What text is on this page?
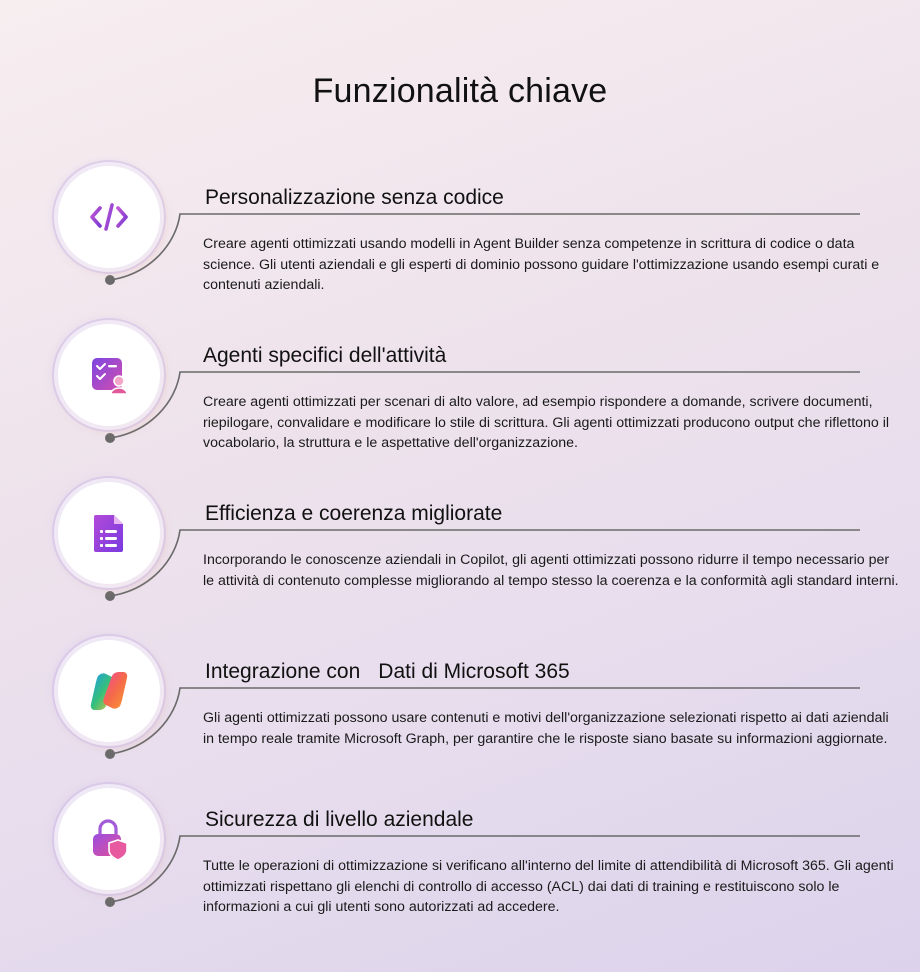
Funzionalità chiave
Personalizzazione senza codice
Creare agenti ottimizzati usando modelli in Agent Builder senza competenze in scrittura di codice o data science. Gli utenti aziendali e gli esperti di dominio possono guidare l'ottimizzazione usando esempi curati e contenuti aziendali.
Agenti specifici dell'attività
Creare agenti ottimizzati per scenari di alto valore, ad esempio rispondere a domande, scrivere documenti, riepilogare, convalidare e modificare lo stile di scrittura. Gli agenti ottimizzati producono output che riflettono il vocabolario, la struttura e le aspettative dell'organizzazione.
Efficienza e coerenza migliorate
Incorporando le conoscenze aziendali in Copilot, gli agenti ottimizzati possono ridurre il tempo necessario per le attività di contenuto complesse migliorando al tempo stesso la coerenza e la conformità agli standard interni.
Integrazione con Dati di Microsoft 365
Gli agenti ottimizzati possono usare contenuti e motivi dell'organizzazione selezionati rispetto ai dati aziendali in tempo reale tramite Microsoft Graph, per garantire che le risposte siano basate su informazioni aggiornate.
Sicurezza di livello aziendale
Tutte le operazioni di ottimizzazione si verificano all'interno del limite di attendibilità di Microsoft 365. Gli agenti ottimizzati rispettano gli elenchi di controllo di accesso (ACL) dai dati di training e restituiscono solo le informazioni a cui gli utenti sono autorizzati ad accedere.
